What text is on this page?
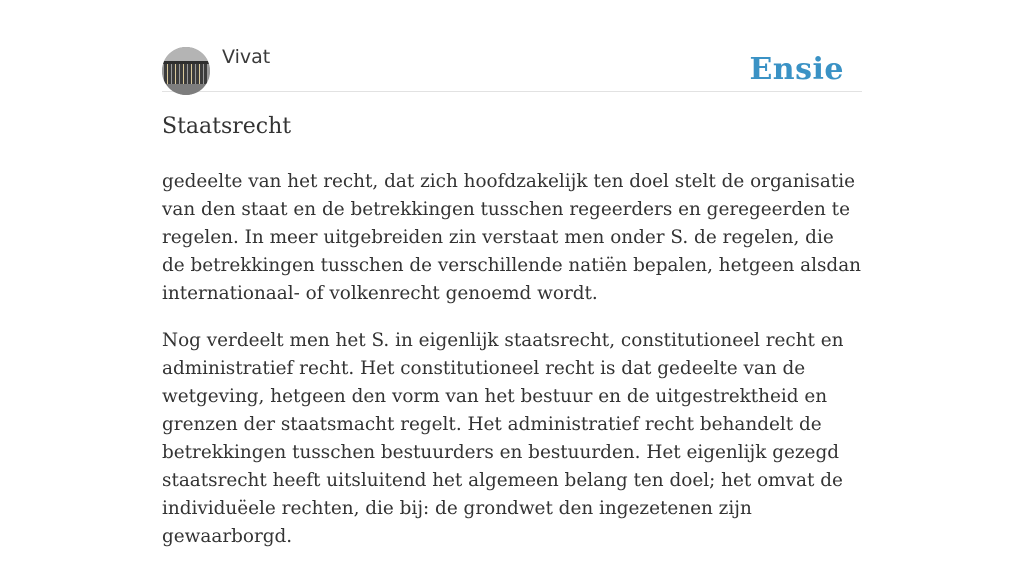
Vivat	Ensie
Staatsrecht

gedeelte van het recht, dat zich hoofdzakelijk ten doel stelt de organisatie van den staat en de betrekkingen tusschen regeerders en geregeerden te regelen. In meer uitgebreiden zin verstaat men onder S. de regelen, die de betrekkingen tusschen de verschillende natiën bepalen, hetgeen alsdan internationaal- of volkenrecht genoemd wordt.

Nog verdeelt men het S. in eigenlijk staatsrecht, constitutioneel recht en administratief recht. Het constitutioneel recht is dat gedeelte van de wetgeving, hetgeen den vorm van het bestuur en de uitgestrektheid en grenzen der staatsmacht regelt. Het administratief recht behandelt de betrekkingen tusschen bestuurders en bestuurden. Het eigenlijk gezegd staatsrecht heeft uitsluitend het algemeen belang ten doel; het omvat de individuëele rechten, die bij: de grondwet den ingezetenen zijn gewaarborgd.
